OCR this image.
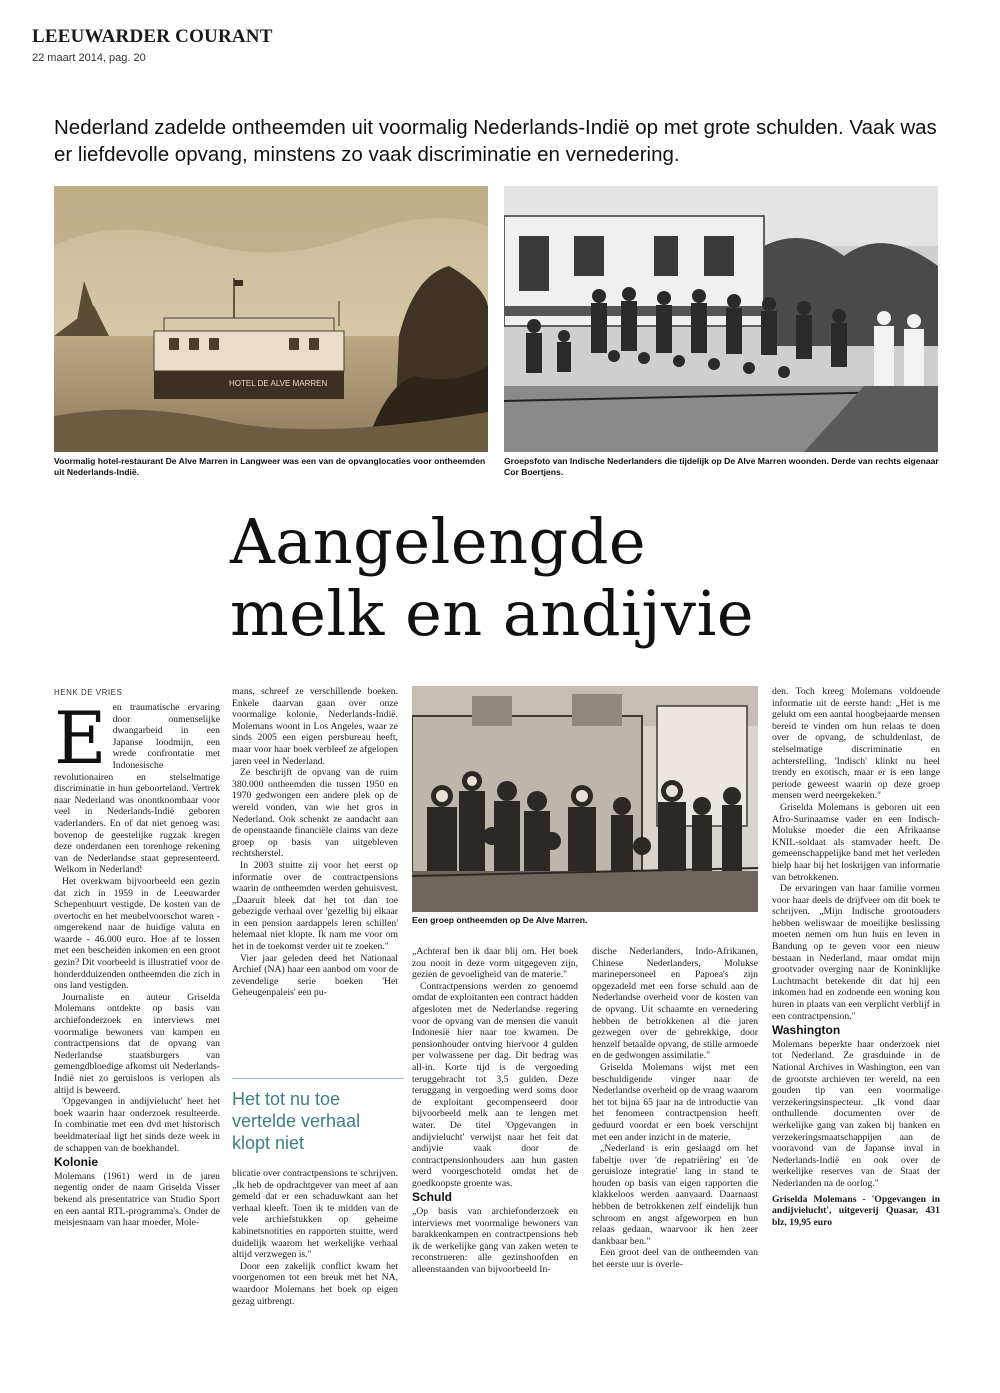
LEEUWARDER COURANT
22 maart 2014, pag. 20
Nederland zadelde ontheemden uit voormalig Nederlands-Indië op met grote schulden. Vaak was er liefdevolle opvang, minstens zo vaak discriminatie en vernedering.
HOTEL DE ALVE MARREN
Voormalig hotel-restaurant De Alve Marren in Langweer was een van de opvanglocaties voor ontheemden uit Nederlands-Indië.
Groepsfoto van Indische Nederlanders die tijdelijk op De Alve Marren woonden. Derde van rechts eigenaar Cor Boertjens.
Aangelengde
melk en andijvie
HENK DE VRIES
E en traumatische ervaring door onmenselijke dwangarbeid in een Japanse loodmijn, een wrede confrontatie met Indonesische revolutionairen en stelselmatige discriminatie in hun geboorteland. Vertrek naar Nederland was onontkoombaar voor veel in Nederlands-Indië geboren vaderlanders. En of dat niet genoeg was: bovenop de geestelijke rugzak kregen deze onderdanen een torenhoge rekening van de Nederlandse staat gepresenteerd. Welkom in Nederland!

Het overkwam bijvoorbeeld een gezin dat zich in 1959 in de Leeuwarder Schepenbuurt vestigde. De kosten van de overtocht en het meubelvoorschot waren - omgerekend naar de huidige valuta en waarde - 46.000 euro. Hoe af te lossen met een bescheiden inkomen en een groot gezin? Dit voorbeeld is illustratief voor de honderdduizenden ontheemden die zich in ons land vestigden.

Journaliste en auteur Griselda Molemans ontdekte op basis van archiefonderzoek en interviews met voormalige bewoners van kampen en contractpensions dat de opvang van Nederlandse staatsburgers van gemengdbloedige afkomst uit Nederlands-Indië niet zo geruisloos is verlopen als altijd is beweerd.

'Opgevangen in andijvielucht' heet het boek waarin haar onderzoek resulteerde. In combinatie met een dvd met historisch beeldmateriaal ligt het sinds deze week in de schappen van de boekhandel.

Kolonie

Molemans (1961) werd in de jaren negentig onder de naam Griselda Visser bekend als presentatrice van Studio Sport en een aantal RTL-programma's. Onder de meisjesnaam van haar moeder, Mole-

mans, schreef ze verschillende boeken. Enkele daarvan gaan over onze voormalige kolonie, Nederlands-Indië. Molemans woont in Los Angeles, waar ze sinds 2005 een eigen persbureau heeft, maar voor haar boek verbleef ze afgelopen jaren veel in Nederland.

Ze beschrijft de opvang van de ruim 380.000 ontheemden die tussen 1950 en 1970 gedwongen een andere plek op de wereld vonden, van wie het gros in Nederland. Ook schenkt ze aandacht aan de openstaande financiële claims van deze groep op basis van uitgebleven rechtsherstel.

In 2003 stuitte zij voor het eerst op informatie over de contractpensions waarin de ontheemden werden gehuisvest. „Daaruit bleek dat het tot dan toe gebezigde verhaal over 'gezellig bij elkaar in een pension aardappels leren schillen' helemaal niet klopte. Ik nam me voor om het in de toekomst verder uit te zoeken."

Vier jaar geleden deed het Nationaal Archief (NA) haar een aanbod om voor de zevendelige serie boeken 'Het Geheugenpaleis' een pu-

Het tot nu toe vertelde verhaal klopt niet

blicatie over contractpensions te schrijven. „Ik heb de opdrachtgever van meet af aan gemeld dat er een schaduwkant aan het verhaal kleeft. Toen ik te midden van de vele archiefstukken op geheime kabinetsnotities en rapporten stuitte, werd duidelijk waarom het werkelijke verhaal altijd verzwegen is."

Door een zakelijk conflict kwam het voorgenomen tot een breuk met het NA, waardoor Molemans het boek op eigen gezag uitbrengt.

Een groep ontheemden op De Alve Marren.

„Achteraf ben ik daar blij om. Het boek zou nooit in deze vorm uitgegeven zijn, gezien de gevoeligheid van de materie."

Contractpensions werden zo genoemd omdat de exploitanten een contract hadden afgesloten met de Nederlandse regering voor de opvang van de mensen die vanuit Indonesië hier naar toe kwamen. De pensionhouder ontving hiervoor 4 gulden per volwassene per dag. Dit bedrag was all-in. Korte tijd is de vergoeding teruggebracht tot 3,5 gulden. Deze teruggang in vergoeding werd soms door de exploitant gecompenseerd door bijvoorbeeld melk aan te lengen met water. De titel 'Opgevangen in andijvielucht' verwijst naar het feit dat andijvie vaak door de contractpensionhouders aan hun gasten werd voorgeschoteld omdat het de goedkoopste groente was.

Schuld

„Op basis van archiefonderzoek en interviews met voormalige bewoners van barakkenkampen en contractpensions heb ik de werkelijke gang van zaken weten te reconstrueren: alle gezinshoofden en alleenstaanden van bijvoorbeeld In-

dische Nederlanders, Indo-Afrikanen, Chinese Nederlanders, Molukse marinepersoneel en Papoea's zijn opgezadeld met een forse schuld aan de Nederlandse overheid voor de kosten van de opvang. Uit schaamte en vernedering hebben de betrokkenen al die jaren gezwegen over de gebrekkige, door henzelf betaalde opvang, de stille armoede en de gedwongen assimilatie."

Griselda Molemans wijst met een beschuldigende vinger naar de Nederlandse overheid op de vraag waarom het tot bijna 65 jaar na de introductie van het fenomeen contractpension heeft geduurd voordat er een boek verschijnt met een ander inzicht in de materie.

„Nederland is erin geslaagd om het fabeltje over 'de repatriëring' en 'de geruisloze integratie' lang in stand te houden op basis van eigen rapporten die klakkeloos werden aanvaard. Daarnaast hebben de betrokkenen zelf eindelijk hun schroom en angst afgeworpen en hun relaas gedaan, waarvoor ik hen zeer dankbaar ben."

Een groot deel van de ontheemden van het eerste uur is overle-

den. Toch kreeg Molemans voldoende informatie uit de eerste hand: „Het is me gelukt om een aantal hoogbejaarde mensen bereid te vinden om hun relaas te doen over de opvang, de schuldenlast, de stelselmatige discriminatie en achterstelling. 'Indisch' klinkt nu heel trendy en exotisch, maar er is een lange periode geweest waarin op deze groep mensen werd neergekeken."

Griselda Molemans is geboren uit een Afro-Surinaamse vader en een Indisch-Molukse moeder die een Afrikaanse KNIL-soldaat als stamvader heeft. De gemeenschappelijke band met het verleden hielp haar bij het loskrijgen van informatie van betrokkenen.

De ervaringen van haar familie vormen voor haar deels de drijfveer om dit boek te schrijven. „Mijn Indische grootouders hebben weliswaar de moeilijke beslissing moeten nemen om hun huis en leven in Bandung op te geven voor een nieuw bestaan in Nederland, maar omdat mijn grootvader overging naar de Koninklijke Luchtmacht betekende dit dat hij een inkomen had en zodoende een woning kon huren in plaats van een verplicht verblijf in een contractpension."

Washington

Molemans beperkte haar onderzoek niet tot Nederland. Ze grasduinde in de National Archives in Washington, een van de grootste archieven ter wereld, na een gouden tip van een voormalige verzekeringsinspecteur. „Ik vond daar onthullende documenten over de werkelijke gang van zaken bij banken en verzekeringsmaatschappijen aan de vooravond van de Japanse inval in Nederlands-Indië en ook over de werkelijke reserves van de Staat der Nederlanden na de oorlog."

Griselda Molemans - 'Opgevangen in andijvielucht', uitgeverij Quasar, 431 blz, 19,95 euro
